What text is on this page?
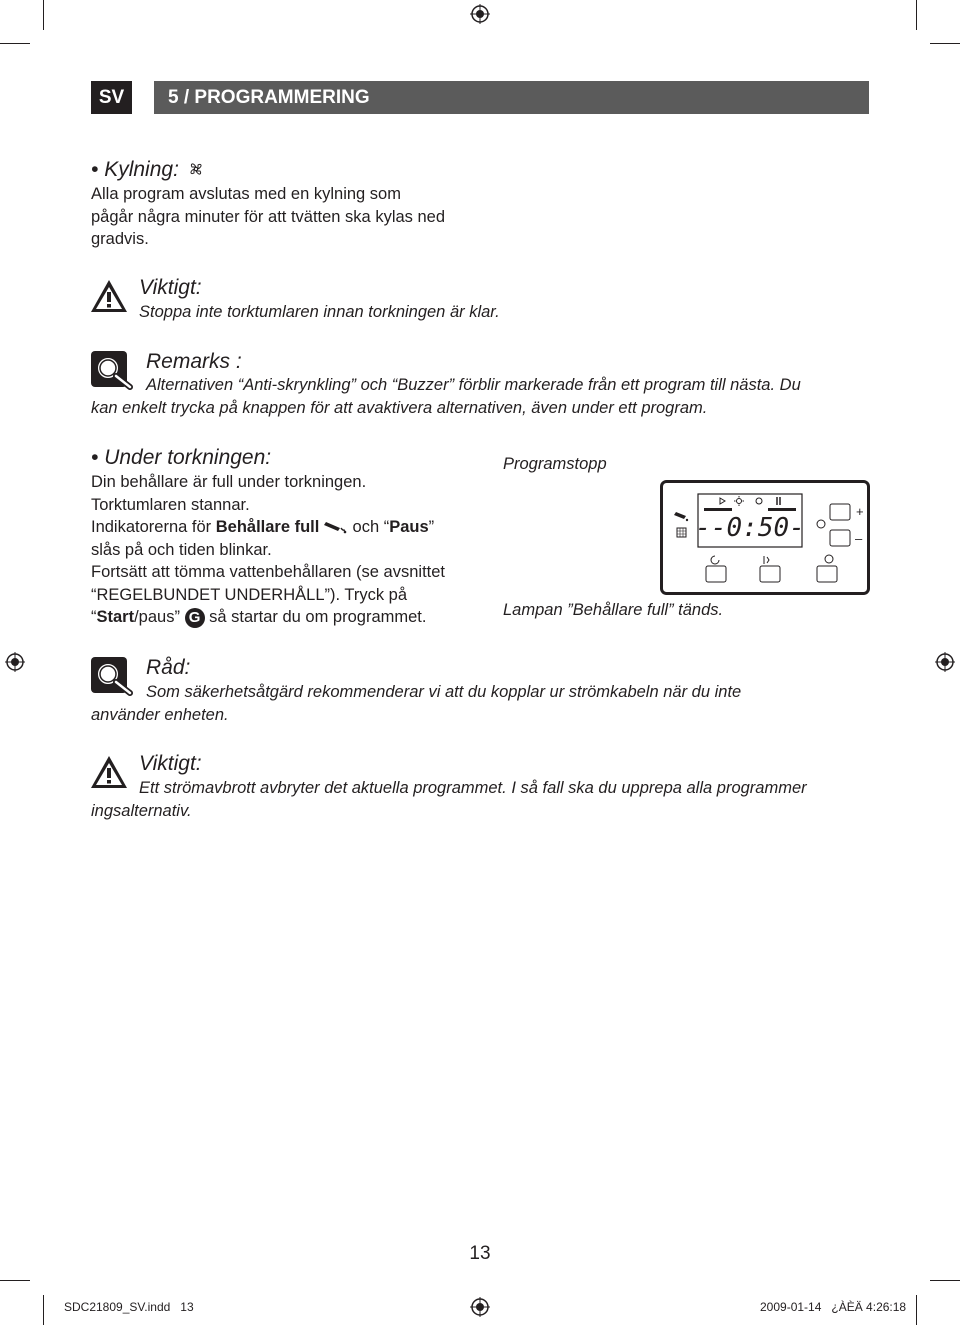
SV	5 / PROGRAMMERING
• Kylning:
Alla program avslutas med en kylning som
pågår några minuter för att tvätten ska kylas ned
gradvis.
Viktigt:
Stoppa inte torktumlaren innan torkningen är klar.
Remarks :
Alternativen “Anti-skrynkling” och “Buzzer” förblir markerade från ett program till nästa. Du
kan enkelt trycka på knappen för att avaktivera alternativen, även under ett program.
• Under torkningen:
Din behållare är full under torkningen.
Torktumlaren stannar.
Indikatorerna för Behållare full  och “Paus”
slås på och tiden blinkar.
Fortsätt att tömma vattenbehållaren (se avsnittet
“REGELBUNDET UNDERHÅLL”). Tryck på
“Start/paus” G så startar du om programmet.
Programstopp
Lampan ”Behållare full” tänds.
--0:50-
+
–
Råd:
Som säkerhetsåtgärd rekommenderar vi att du kopplar ur strömkabeln när du inte
använder enheten.
Viktigt:
Ett strömavbrott avbryter det aktuella programmet. I så fall ska du upprepa alla programmer
ingsalternativ.
13
SDC21809_SV.indd   13	2009-01-14   ¿ÀÈÄ 4:26:18
